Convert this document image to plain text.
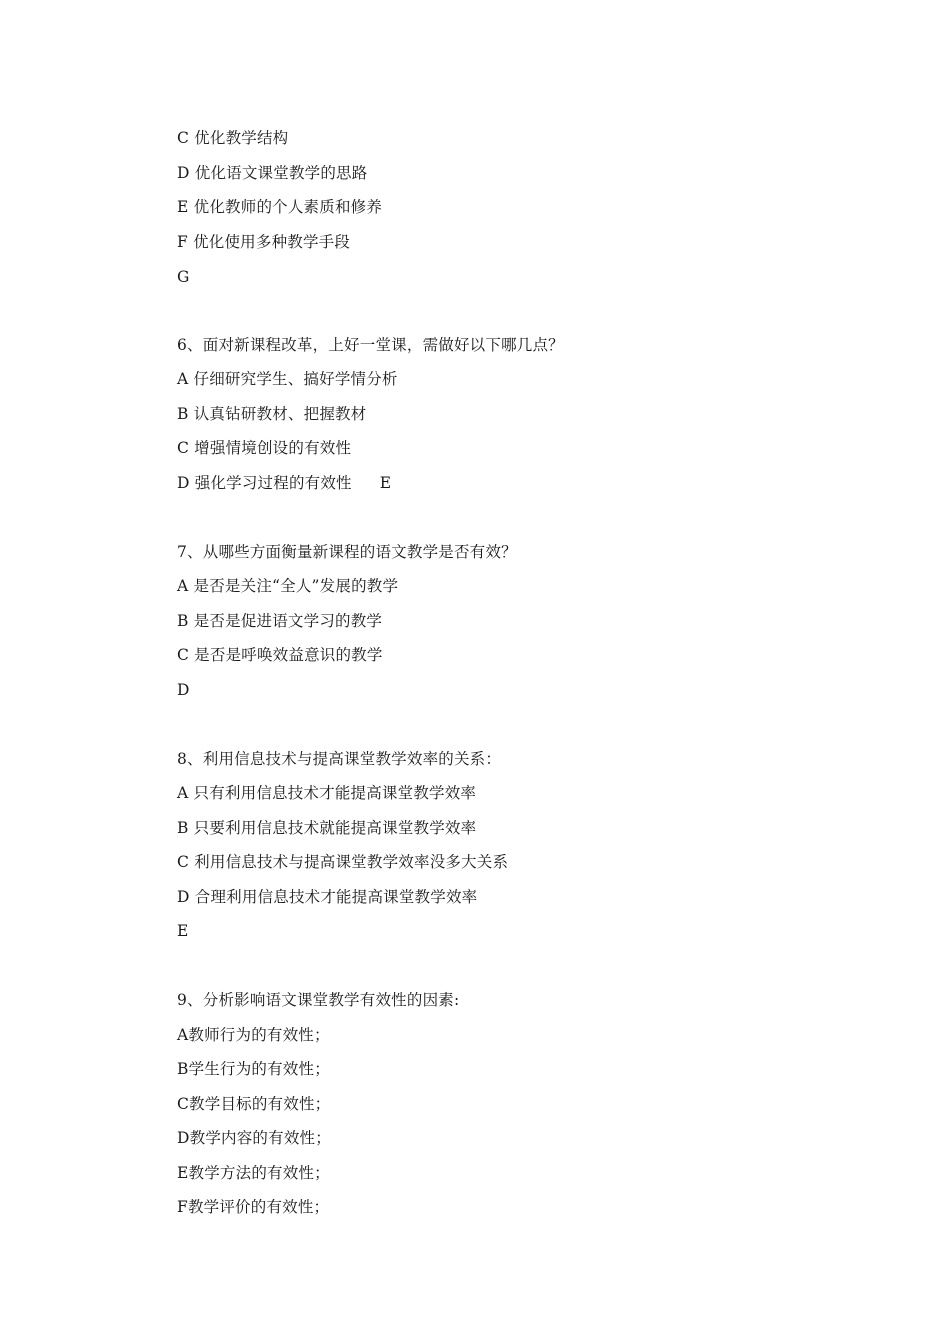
C 优化教学结构
D 优化语文课堂教学的思路
E 优化教师的个人素质和修养
F 优化使用多种教学手段
G
6、面对新课程改革，上好一堂课，需做好以下哪几点？
A 仔细研究学生、搞好学情分析
B 认真钻研教材、把握教材
C 增强情境创设的有效性
D 强化学习过程的有效性 E
7、从哪些方面衡量新课程的语文教学是否有效？
A 是否是关注“全人”发展的教学
B 是否是促进语文学习的教学
C 是否是呼唤效益意识的教学
D
8、利用信息技术与提高课堂教学效率的关系：
A 只有利用信息技术才能提高课堂教学效率
B 只要利用信息技术就能提高课堂教学效率
C 利用信息技术与提高课堂教学效率没多大关系
D 合理利用信息技术才能提高课堂教学效率
E
9、分析影响语文课堂教学有效性的因素:
A教师行为的有效性；
B学生行为的有效性；
C教学目标的有效性；
D教学内容的有效性；
E教学方法的有效性；
F教学评价的有效性；
